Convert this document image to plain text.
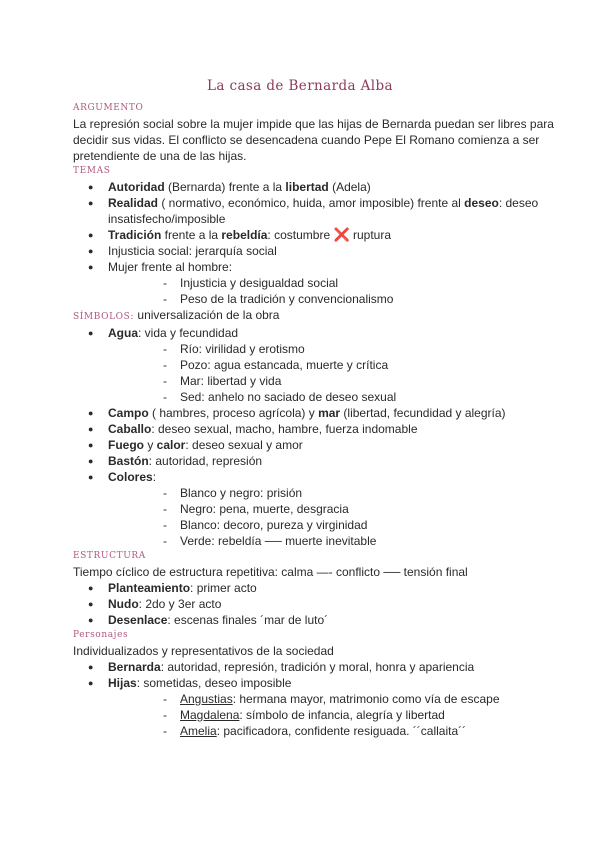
La casa de Bernarda Alba
ARGUMENTO

La represión social sobre la mujer impide que las hijas de Bernarda puedan ser libres para decidir sus vidas. El conflicto se desencadena cuando Pepe El Romano comienza a ser pretendiente de una de las hijas.

TEMAS
● Autoridad (Bernarda) frente a la libertad (Adela)
● Realidad ( normativo, económico, huida, amor imposible) frente al deseo: deseo insatisfecho/imposible
● Tradición frente a la rebeldía: costumbre ❌ ruptura
● Injusticia social: jerarquía social
● Mujer frente al hombre:
- Injusticia y desigualdad social
- Peso de la tradición y convencionalismo
SÍMBOLOS: universalización de la obra
● Agua: vida y fecundidad
- Río: virilidad y erotismo
- Pozo: agua estancada, muerte y crítica
- Mar: libertad y vida
- Sed: anhelo no saciado de deseo sexual
● Campo ( hambres, proceso agrícola) y mar (libertad, fecundidad y alegría)
● Caballo: deseo sexual, macho, hambre, fuerza indomable
● Fuego y calor: deseo sexual y amor
● Bastón: autoridad, represión
● Colores:
- Blanco y negro: prisión
- Negro: pena, muerte, desgracia
- Blanco: decoro, pureza y virginidad
- Verde: rebeldía ── muerte inevitable
ESTRUCTURA

Tiempo cíclico de estructura repetitiva: calma —- conflicto ── tensión final

● Planteamiento: primer acto
● Nudo: 2do y 3er acto
● Desenlace: escenas finales ´mar de luto´
Personajes

Individualizados y representativos de la sociedad

● Bernarda: autoridad, represión, tradición y moral, honra y apariencia
● Hijas: sometidas, deseo imposible
- Angustias: hermana mayor, matrimonio como vía de escape
- Magdalena: símbolo de infancia, alegría y libertad
- Amelia: pacificadora, confidente resiguada. ´´callaita´´
